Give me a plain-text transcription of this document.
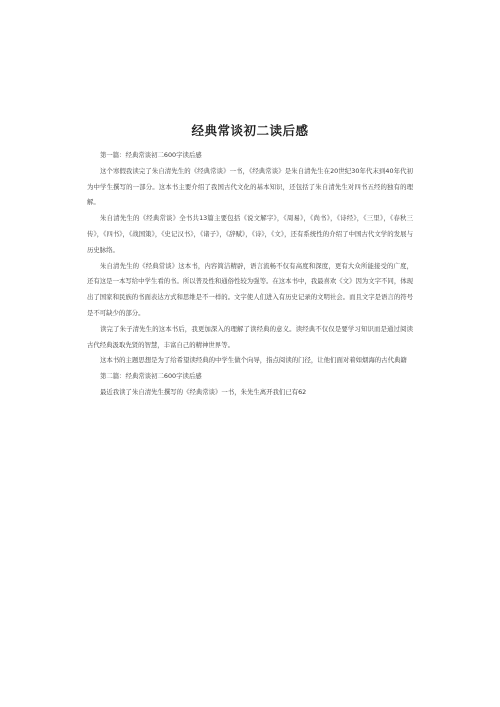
经典常谈初二读后感

第一篇：经典常谈初二600字读后感

这个寒假我读完了朱自清先生的《经典常谈》一书，《经典常谈》是朱自清先生在20世纪30年代末到40年代初为中学生撰写的一部分。这本书主要介绍了我国古代文化的基本知识，还包括了朱自清先生对四书五经的独有的理解。

朱自清先生的《经典常谈》全书共13篇主要包括《说文解字》，《周易》，《尚书》，《诗经》，《三里》，《春秋三传》，《四书》，《战国策》，《史记汉书》，《诸子》，《辞赋》，《诗》，《文》，还有系统性的介绍了中国古代文学的发展与历史脉络。

朱自清先生的《经典常谈》这本书，内容简洁精辟，语言流畅不仅有高度和深度，更有大众所能接受的广度，还有这是一本写给中学生看的书。所以普及性和通俗性较为强等。在这本书中，我最喜欢《文》因为文字不同，体现出了国家和民族的书面表达方式和思维是不一样的。文字使人们进入有历史记录的文明社会。而且文字是语言的符号是不可缺少的部分。

读完了朱子清先生的这本书后，我更加深入的理解了读经典的意义。读经典不仅仅是要学习知识而是通过阅读古代经典汲取先贤的智慧，丰富自己的精神世界等。

这本书的主题思想是为了给希望读经典的中学生做个向导，指点阅读的门径，让他们面对着如烟海的古代典籍

第二篇：经典常谈初二600字读后感

最近我读了朱自清先生撰写的《经典常谈》一书，朱先生离开我们已有62
